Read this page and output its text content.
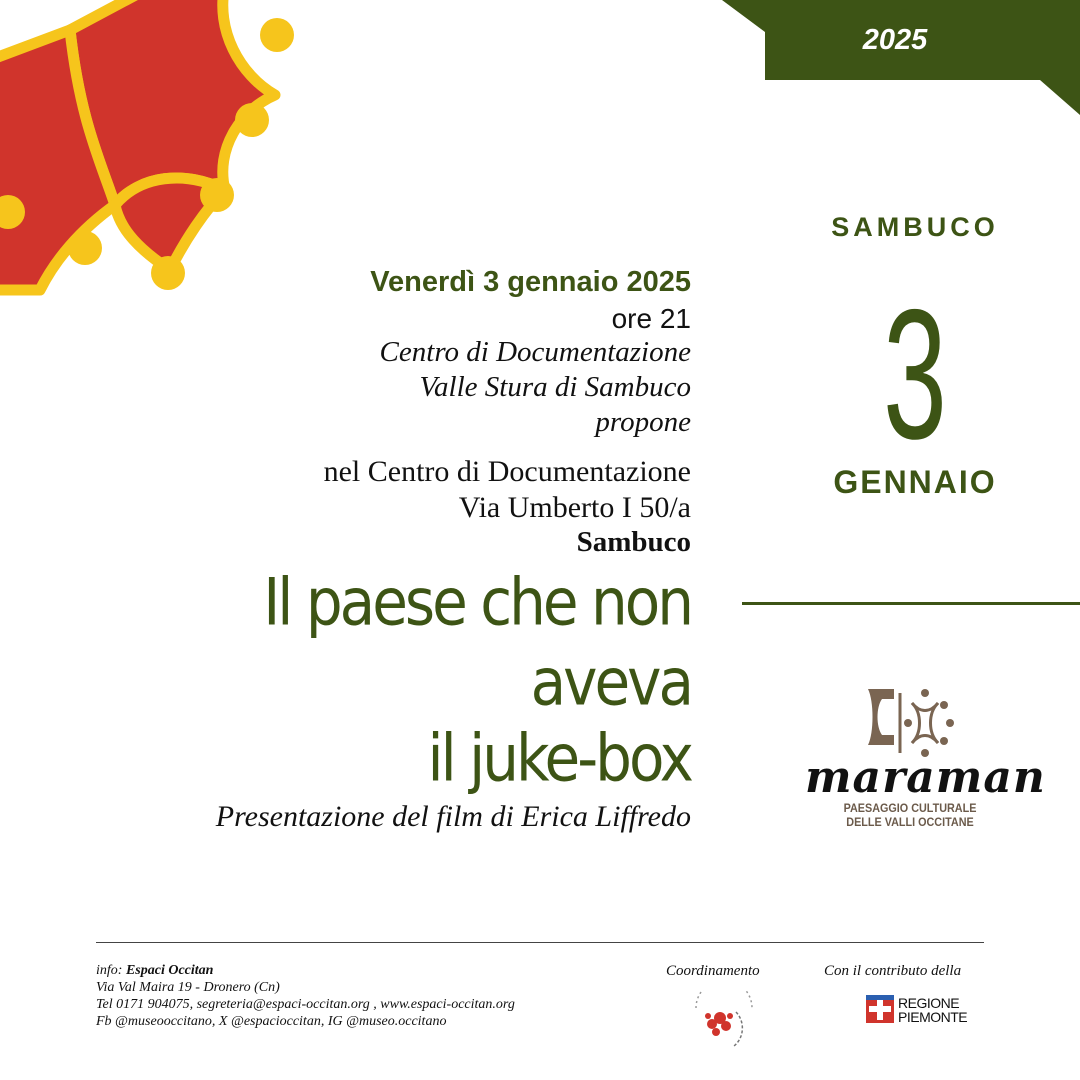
2025
SAMBUCO
3
GENNAIO
Venerdì 3 gennaio 2025
ore 21
Centro di Documentazione
Valle Stura di Sambuco
propone
nel Centro di Documentazione
Via Umberto I 50/a
Sambuco
Il paese che non
aveva
il juke-box
Presentazione del film di Erica Liffredo
maraman
PAESAGGIO CULTURALE
DELLE VALLI OCCITANE
info: Espaci Occitan
Via Val Maira 19 - Dronero (Cn)
Tel 0171 904075, segreteria@espaci-occitan.org , www.espaci-occitan.org
Fb @museooccitano, X @espacioccitan, IG @museo.occitano
Coordinamento	Con il contributo della
REGIONE
PIEMONTE
